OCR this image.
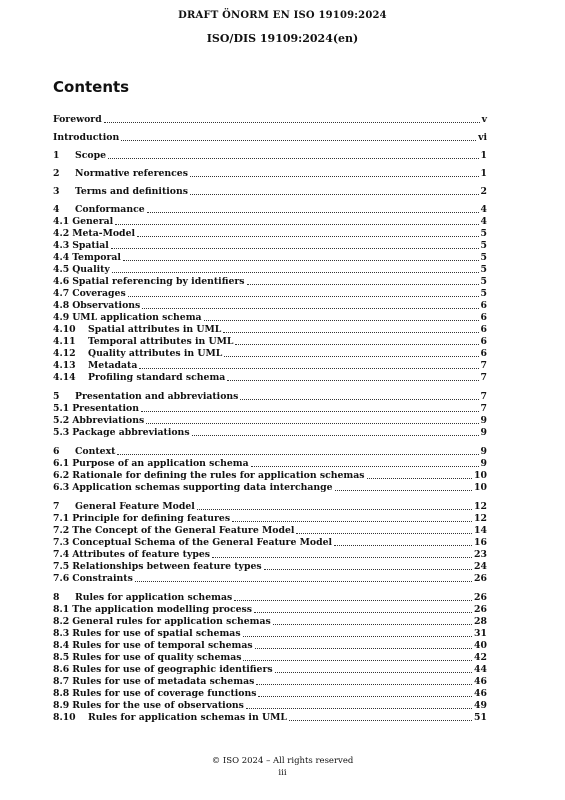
DRAFT ÖNORM EN ISO 19109:2024
ISO/DIS 19109:2024(en)
Contents
Foreword	v
Introduction	vi
1	Scope	1
2	Normative references	1
3	Terms and definitions	2
4	Conformance	4
4.1 General	4
4.2 Meta-Model	5
4.3 Spatial	5
4.4 Temporal	5
4.5 Quality	5
4.6 Spatial referencing by identifiers	5
4.7 Coverages	5
4.8 Observations	6
4.9 UML application schema	6
4.10	Spatial attributes in UML	6
4.11	Temporal attributes in UML	6
4.12	Quality attributes in UML	6
4.13	Metadata	7
4.14	Profiling standard schema	7
5	Presentation and abbreviations	7
5.1 Presentation	7
5.2 Abbreviations	9
5.3 Package abbreviations	9
6	Context	9
6.1 Purpose of an application schema	9
6.2 Rationale for defining the rules for application schemas	10
6.3 Application schemas supporting data interchange	10
7	General Feature Model	12
7.1 Principle for defining features	12
7.2 The Concept of the General Feature Model	14
7.3 Conceptual Schema of the General Feature Model	16
7.4 Attributes of feature types	23
7.5 Relationships between feature types	24
7.6 Constraints	26
8	Rules for application schemas	26
8.1 The application modelling process	26
8.2 General rules for application schemas	28
8.3 Rules for use of spatial schemas	31
8.4 Rules for use of temporal schemas	40
8.5 Rules for use of quality schemas	42
8.6 Rules for use of geographic identifiers	44
8.7 Rules for use of metadata schemas	46
8.8 Rules for use of coverage functions	46
8.9 Rules for the use of observations	49
8.10	Rules for application schemas in UML	51
© ISO 2024 – All rights reserved
iii
